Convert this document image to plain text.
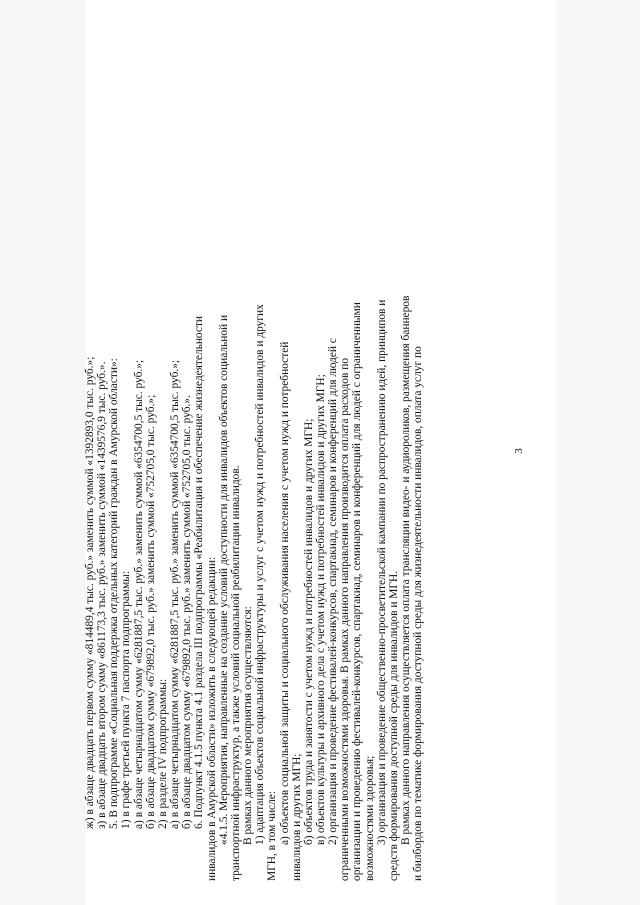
ж) в абзаце двадцать первом сумму «814489,4 тыс. руб.» заменить суммой «1392893,0 тыс. руб.»; з) в абзаце двадцать втором сумму «861173,3 тыс. руб.» заменить суммой «1439576,9 тыс. руб.». 5. В подпрограмме «Социальная поддержка отдельных категорий граждан в Амурской области»: 1) в графе третьей пункта 7 паспорта подпрограммы: а) в абзаце четырнадцатом сумму «6281887,5 тыс. руб.» заменить суммой «6354700,5 тыс. руб.»; б) в абзаце двадцатом сумму «679892,0 тыс. руб.» заменить суммой «752705,0 тыс. руб.»; 2) в разделе IV подпрограммы: а) в абзаце четырнадцатом сумму «6281887,5 тыс. руб.» заменить суммой «6354700,5 тыс. руб.»; б) в абзаце двадцатом сумму «679892,0 тыс. руб.» заменить суммой «752705,0 тыс. руб.». 6. Подпункт 4.1.5 пункта 4.1 раздела III подпрограммы «Реабилитация и обеспечение жизнедеятельности инвалидов в Амурской области» изложить в следующей редакции: «4.1.5. Мероприятия, направленные на создание условий доступности для инвалидов объектов социальной и транспортной инфраструктур, а также условий социальной реабилитации инвалидов. В рамках данного мероприятия осуществляются: 1) адаптация объектов социальной инфраструктуры и услуг с учетом нужд и потребностей инвалидов и других МГН, в том числе: а) объектов социальной защиты и социального обслуживания населения с учетом нужд и потребностей инвалидов и других МГН; б) объектов труда и занятости с учетом нужд и потребностей инвалидов и других МГН; в) объектов культуры и архивного дела с учетом нужд и потребностей инвалидов и других МГН; 2) организация и проведение фестивалей-конкурсов, спартакиад, семинаров и конференций для людей с ограниченными возможностями здоровья. В рамках данного направления производится оплата расходов по организации и проведению фестивалей-конкурсов, спартакиад, семинаров и конференций для людей с ограниченными возможностями здоровья; 3) организация и проведение общественно-просветительской кампании по распространению идей, принципов и средств формирования доступной среды для инвалидов и МГН. В рамках данного направления осуществляется оплата трансляции видео- и аудиороликов, размещения баннеров и билбордов по тематике формирования доступной среды для жизнедеятельности инвалидов, оплата услуг по	3
